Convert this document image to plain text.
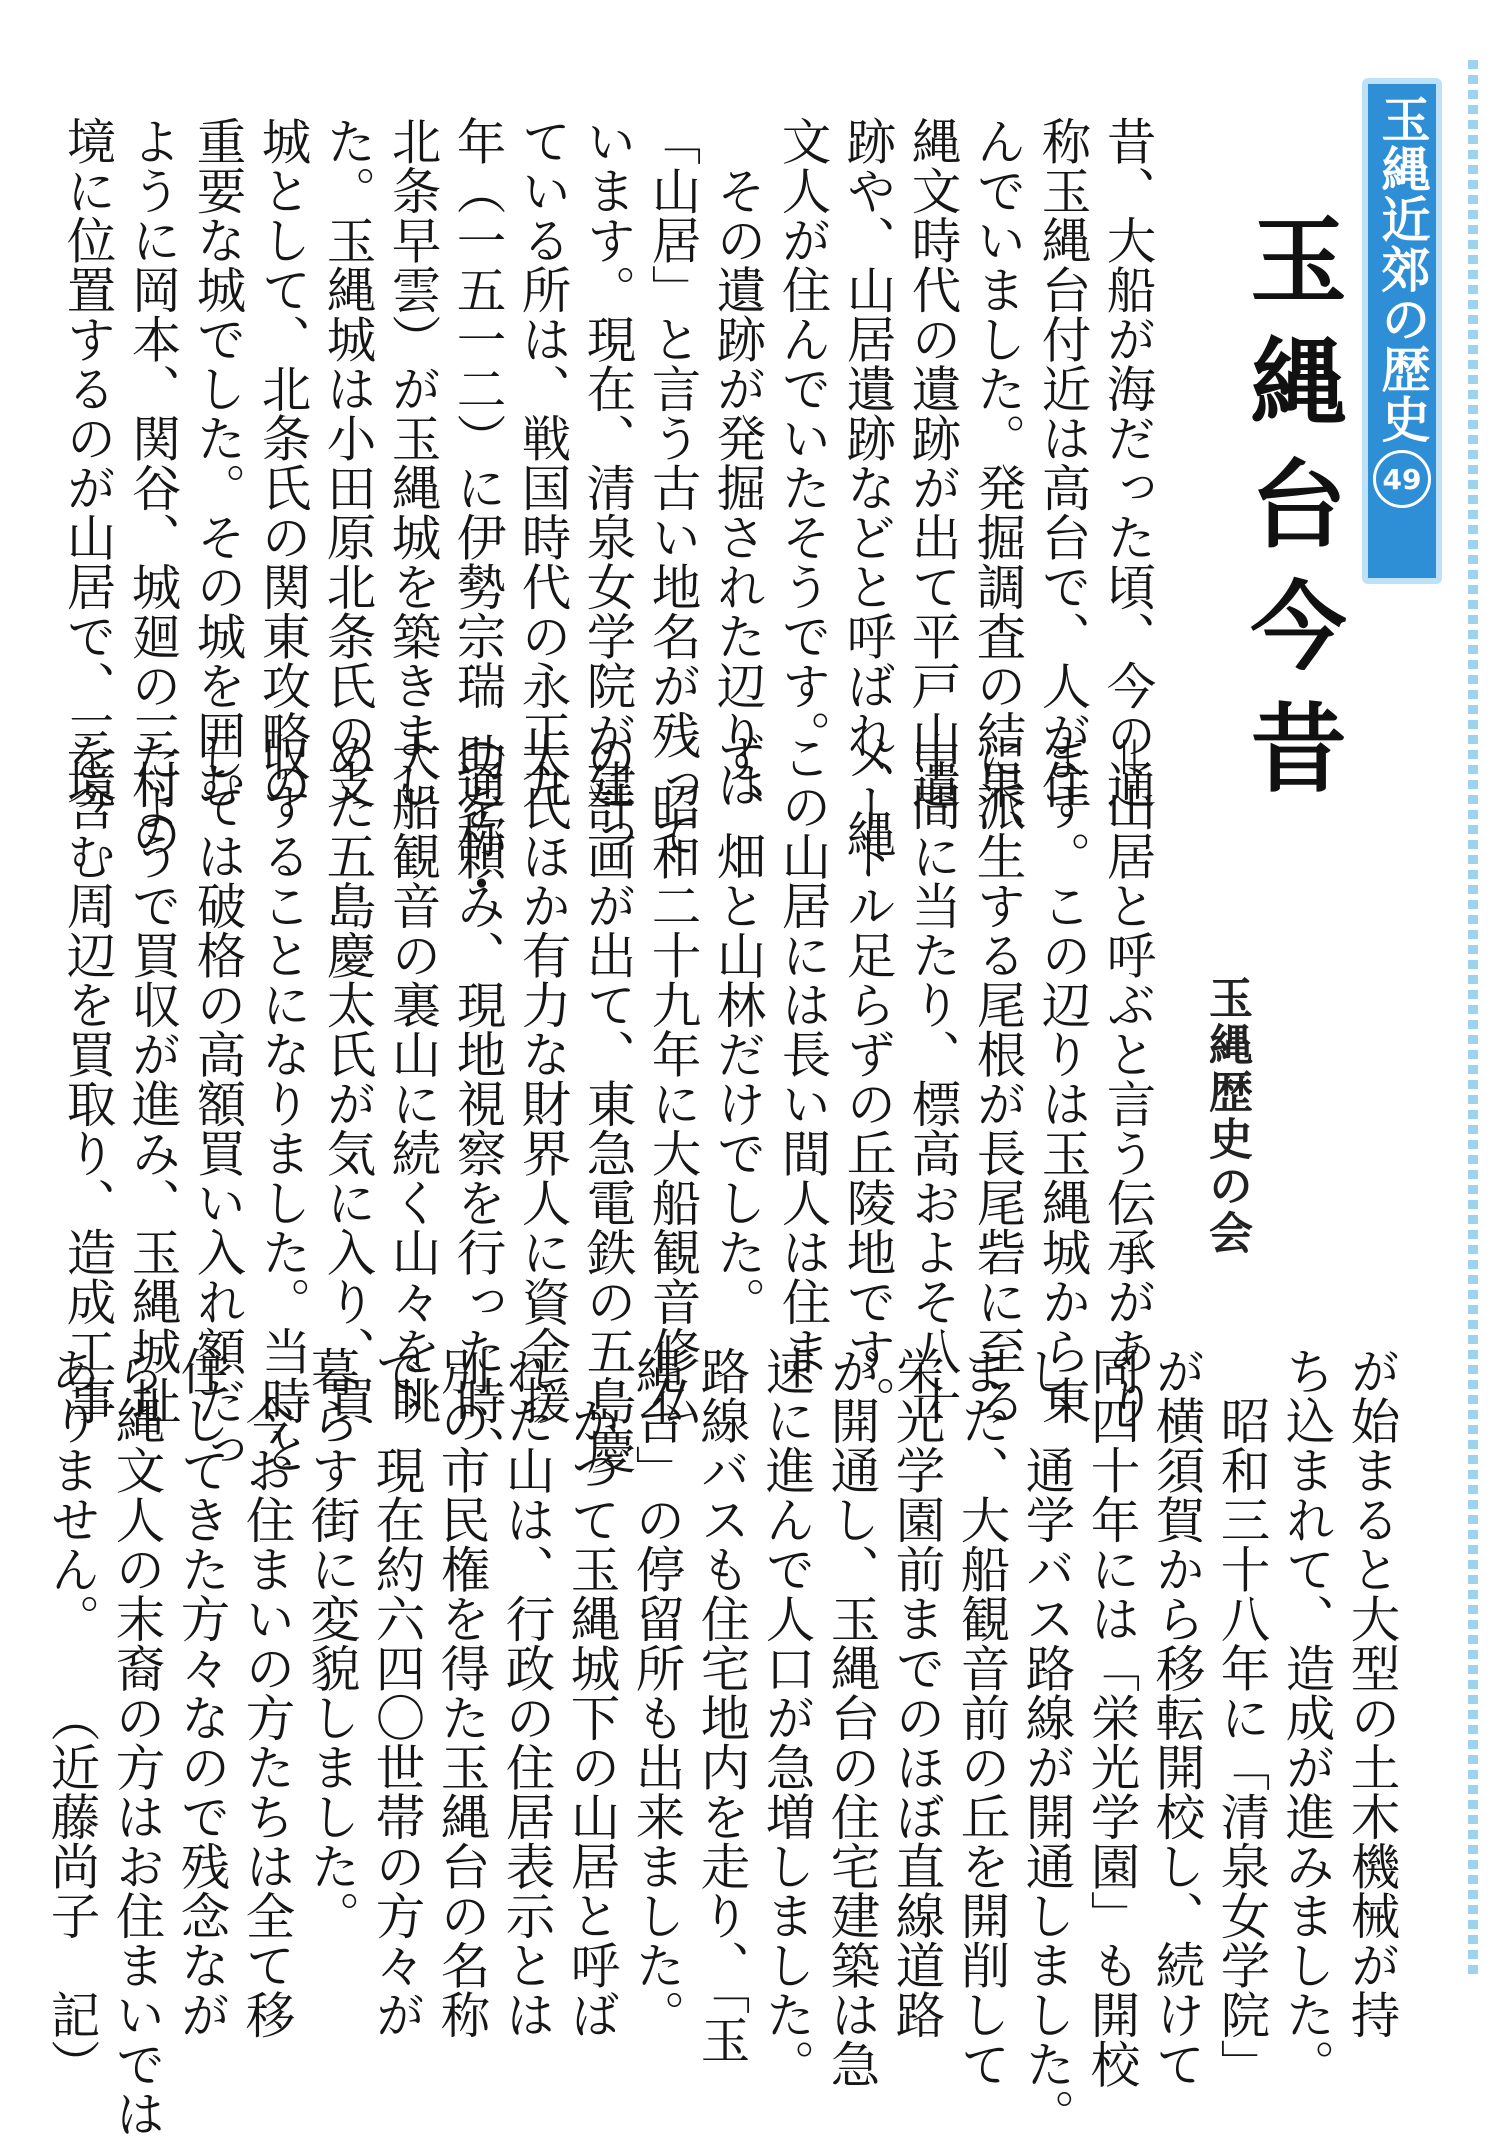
玉縄近郊の歴史
49
玉縄台今昔
玉縄歴史の会
昔、大船が海だった頃、今の通
称玉縄台付近は高台で、人が住
んでいました。発掘調査の結果、
縄文時代の遺跡が出て平戸山遺
跡や、山居遺跡などと呼ばれ、縄
文人が住んでいたそうです。
　その遺跡が発掘された辺りは
「山居」と言う古い地名が残って
います。現在、清泉女学院が建っ
ている所は、戦国時代の永正九
年（一五一二）に伊勢宗瑞（通称・
北条早雲）が玉縄城を築きまし
た。玉縄城は小田原北条氏の支
城として、北条氏の関東攻略の
重要な城でした。その城を囲む
ように岡本、関谷、城廻の三村の
境に位置するのが山居で、三境
＝山居と呼ぶと言う伝承があり
ます。この辺りは玉縄城から東
に派生する尾根が長尾砦に至る
中間に当たり、標高およそ八十
メートル足らずの丘陵地です。
この山居には長い間人は住ま
ず、畑と山林だけでした。
　昭和二十九年に大船観音修仏
の計画が出て、東急電鉄の五島慶
太氏ほか有力な財界人に資金援
助を頼み、現地視察を行った時、
大船観音の裏山に続く山々を眺
めた五島慶太氏が気に入り、買
収することになりました。当時と
しては破格の高額買い入れ額だっ
たようで買収が進み、玉縄城址
を含む周辺を買取り、造成工事
が始まると大型の土木機械が持
ち込まれて、造成が進みました。
　昭和三十八年に「清泉女学院」
が横須賀から移転開校し、続けて
同四十年には「栄光学園」も開校
し、通学バス路線が開通しました。
また、大船観音前の丘を開削して
栄光学園前までのほぼ直線道路
が開通し、玉縄台の住宅建築は急
速に進んで人口が急増しました。
路線バスも住宅地内を走り、「玉
縄台」の停留所も出来ました。
　かつて玉縄城下の山居と呼ば
れた山は、行政の住居表示とは
別の市民権を得た玉縄台の名称
で、現在約六四〇世帯の方々が
暮らす街に変貌しました。
　今お住まいの方たちは全て移
住してきた方々なので残念なが
ら縄文人の末裔の方はお住まいでは
ありません。　　（近藤尚子　記）
